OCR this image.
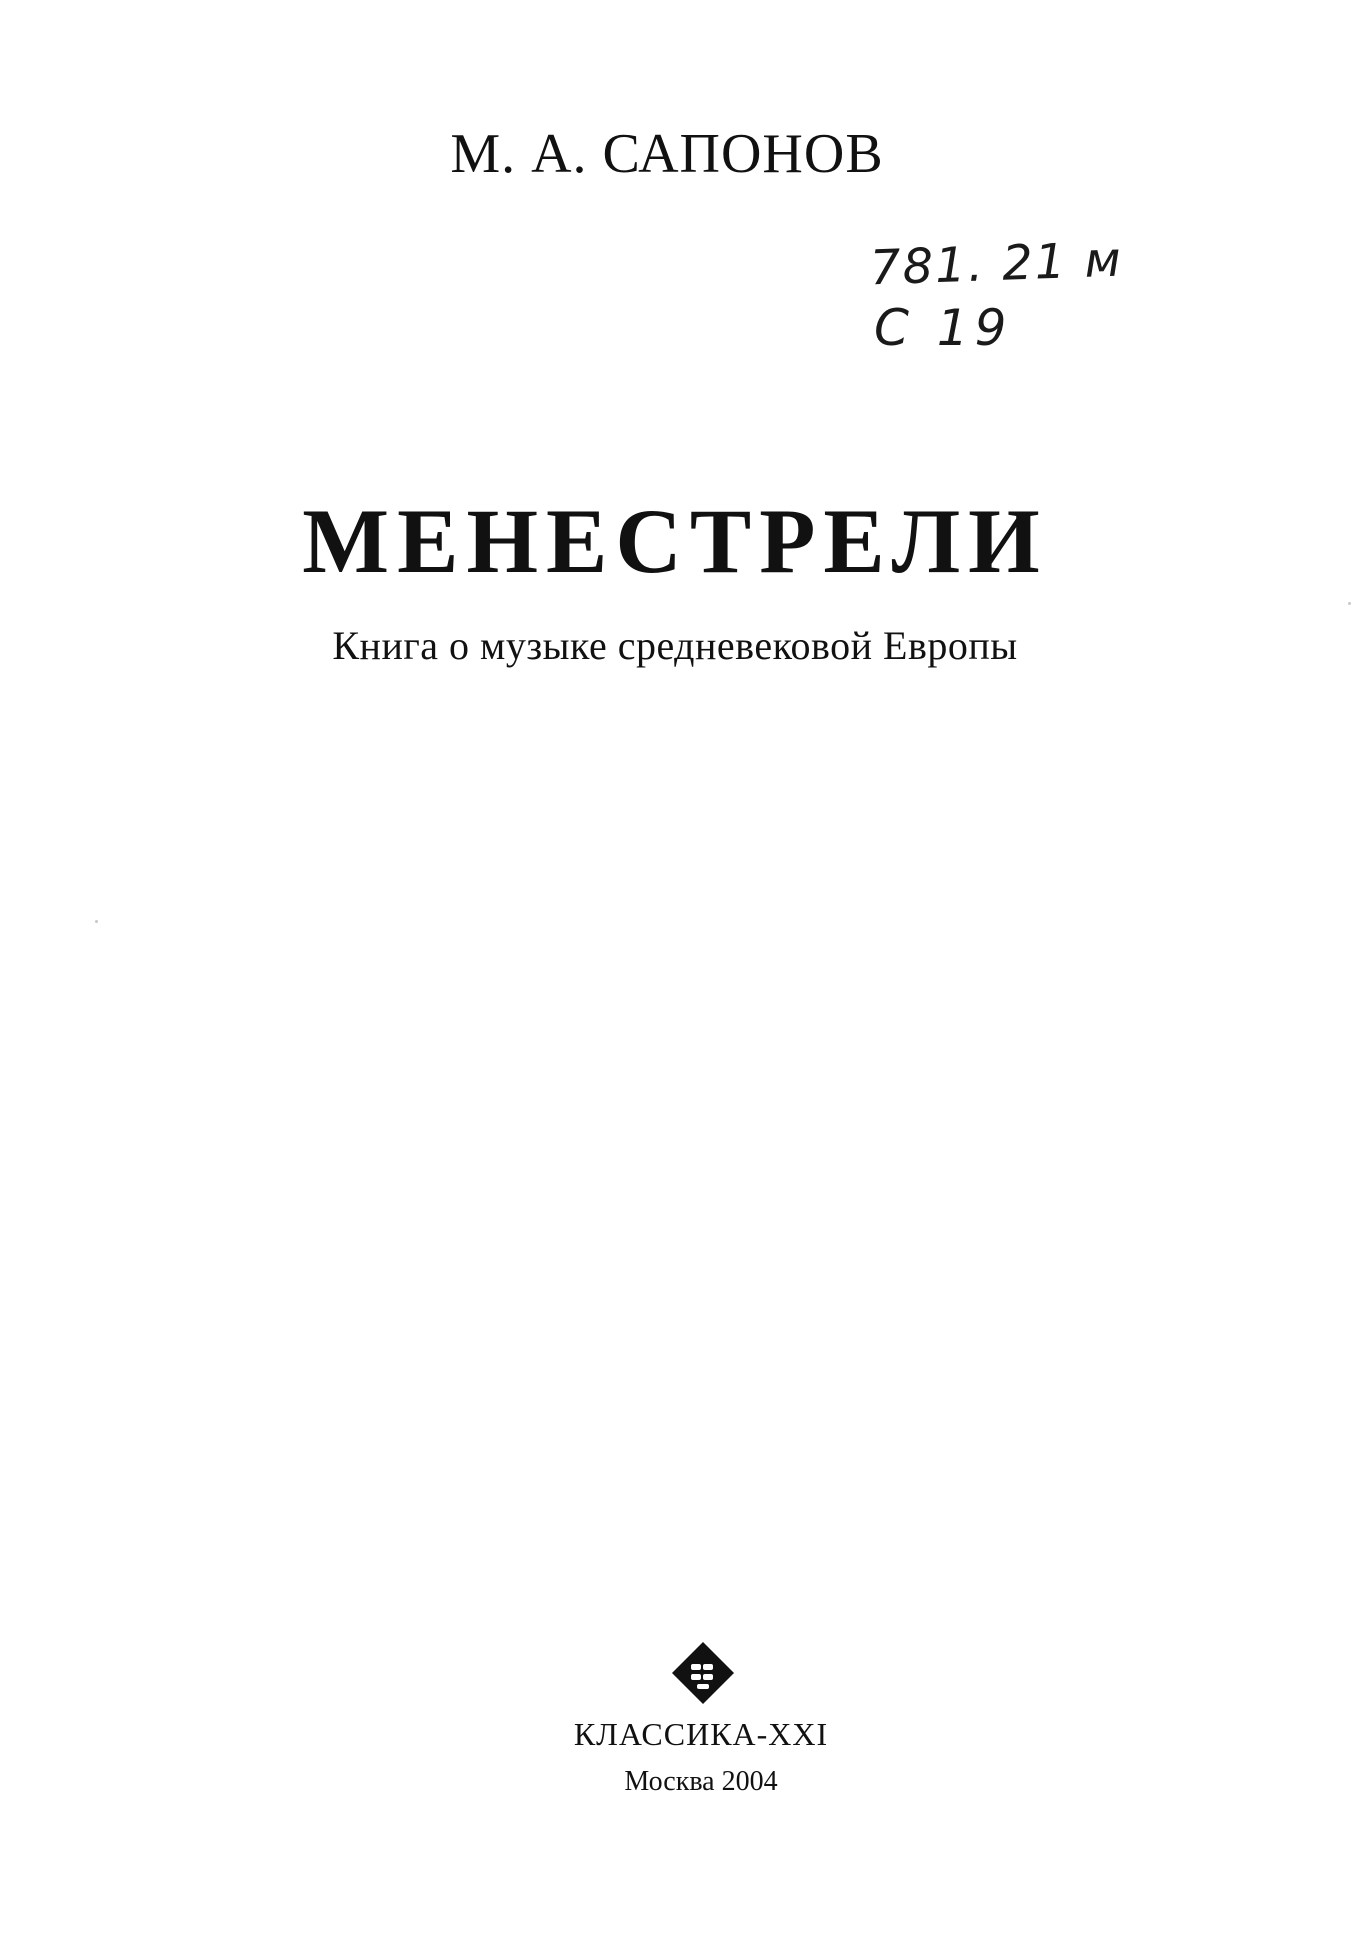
М. А. САПОНОВ
781. 21 м
С 19
МЕНЕСТРЕЛИ
Книга о музыке средневековой Европы
КЛАССИКА-XXI
Москва 2004
